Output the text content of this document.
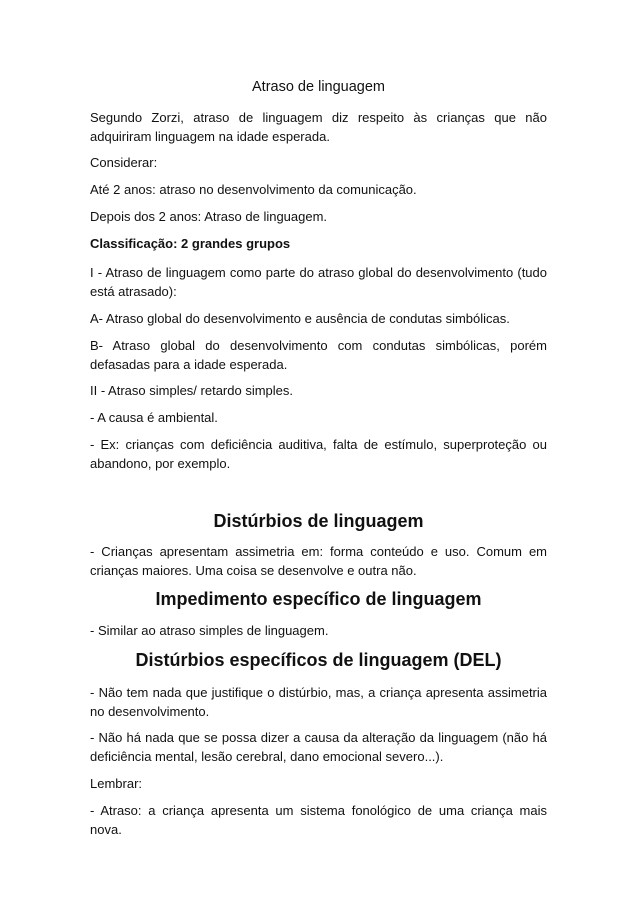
Atraso de linguagem

Segundo Zorzi, atraso de linguagem diz respeito às crianças que não adquiriram linguagem na idade esperada.

Considerar:

Até 2 anos: atraso no desenvolvimento da comunicação.

Depois dos 2 anos: Atraso de linguagem.

Classificação: 2 grandes grupos

I - Atraso de linguagem como parte do atraso global do desenvolvimento (tudo está atrasado):

A- Atraso global do desenvolvimento e ausência de condutas simbólicas.

B- Atraso global do desenvolvimento com condutas simbólicas, porém defasadas para a idade esperada.

II - Atraso simples/ retardo simples.

- A causa é ambiental.

- Ex: crianças com deficiência auditiva, falta de estímulo, superproteção ou abandono, por exemplo.

Distúrbios de linguagem

- Crianças apresentam assimetria em: forma conteúdo e uso. Comum em crianças maiores. Uma coisa se desenvolve e outra não.

Impedimento específico de linguagem

- Similar ao atraso simples de linguagem.

Distúrbios específicos de linguagem (DEL)

- Não tem nada que justifique o distúrbio, mas, a criança apresenta assimetria no desenvolvimento.

- Não há nada que se possa dizer a causa da alteração da linguagem (não há deficiência mental, lesão cerebral, dano emocional severo...).

Lembrar:

- Atraso: a criança apresenta um sistema fonológico de uma criança mais nova.
